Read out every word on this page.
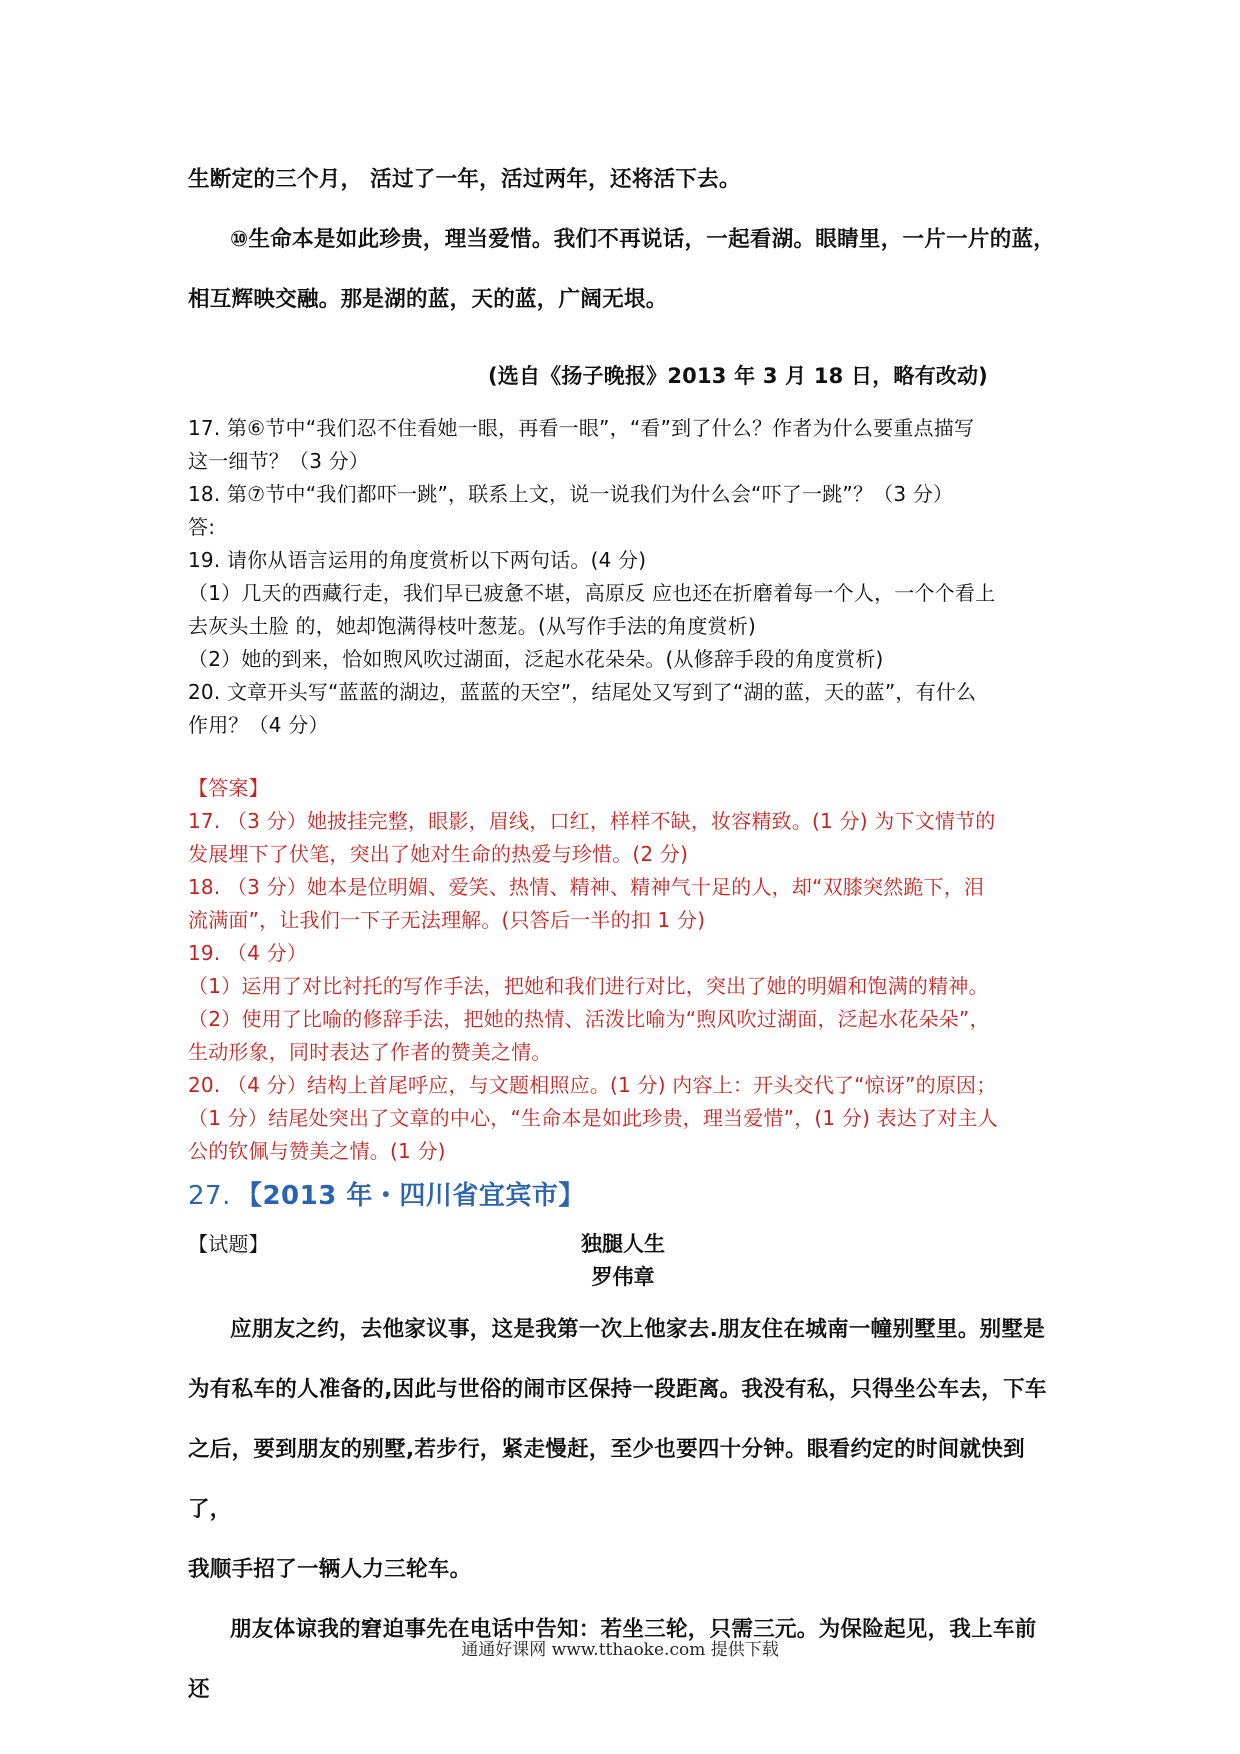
生断定的三个月， 活过了一年，活过两年，还将活下去。

⑩生命本是如此珍贵，理当爱惜。我们不再说话，一起看湖。眼睛里，一片一片的蓝，

相互辉映交融。那是湖的蓝，天的蓝，广阔无垠。

(选自《扬子晚报》2013 年 3 月 18 日，略有改动)

17. 第⑥节中“我们忍不住看她一眼，再看一眼”，“看”到了什么？作者为什么要重点描写

这一细节？（3 分）

18. 第⑦节中“我们都吓一跳”，联系上文，说一说我们为什么会“吓了一跳”？（3 分）

答:

19. 请你从语言运用的角度赏析以下两句话。(4 分)

（1）几天的西藏行走，我们早已疲惫不堪，高原反 应也还在折磨着每一个人，一个个看上

去灰头土脸 的，她却饱满得枝叶葱茏。(从写作手法的角度赏析)

（2）她的到来，恰如煦风吹过湖面，泛起水花朵朵。(从修辞手段的角度赏析)

20. 文章开头写“蓝蓝的湖边，蓝蓝的天空”，结尾处又写到了“湖的蓝，天的蓝”，有什么

作用？（4 分）

【答案】

17. （3 分）她披挂完整，眼影，眉线，口红，样样不缺，妆容精致。(1 分) 为下文情节的

发展埋下了伏笔，突出了她对生命的热爱与珍惜。(2 分)

18. （3 分）她本是位明媚、爱笑、热情、精神、精神气十足的人，却“双膝突然跪下，泪

流满面”，让我们一下子无法理解。(只答后一半的扣 1 分)

19. （4 分）

（1）运用了对比衬托的写作手法，把她和我们进行对比，突出了她的明媚和饱满的精神。

（2）使用了比喻的修辞手法，把她的热情、活泼比喻为“煦风吹过湖面，泛起水花朵朵”，

生动形象，同时表达了作者的赞美之情。

20. （4 分）结构上首尾呼应，与文题相照应。(1 分) 内容上：开头交代了“惊讶”的原因；

（1 分）结尾处突出了文章的中心，“生命本是如此珍贵，理当爱惜”，(1 分) 表达了对主人

公的钦佩与赞美之情。(1 分)

27. 【2013 年・四川省宜宾市】
【试题】	独腿人生
罗伟章

应朋友之约，去他家议事，这是我第一次上他家去.朋友住在城南一幢别墅里。别墅是

为有私车的人准备的,因此与世俗的闹市区保持一段距离。我没有私，只得坐公车去，下车

之后，要到朋友的别墅,若步行，紧走慢赶，至少也要四十分钟。眼看约定的时间就快到了，

我顺手招了一辆人力三轮车。

朋友体谅我的窘迫事先在电话中告知：若坐三轮，只需三元。为保险起见，我上车前还

通通好课网 www.tthaoke.com 提供下载
